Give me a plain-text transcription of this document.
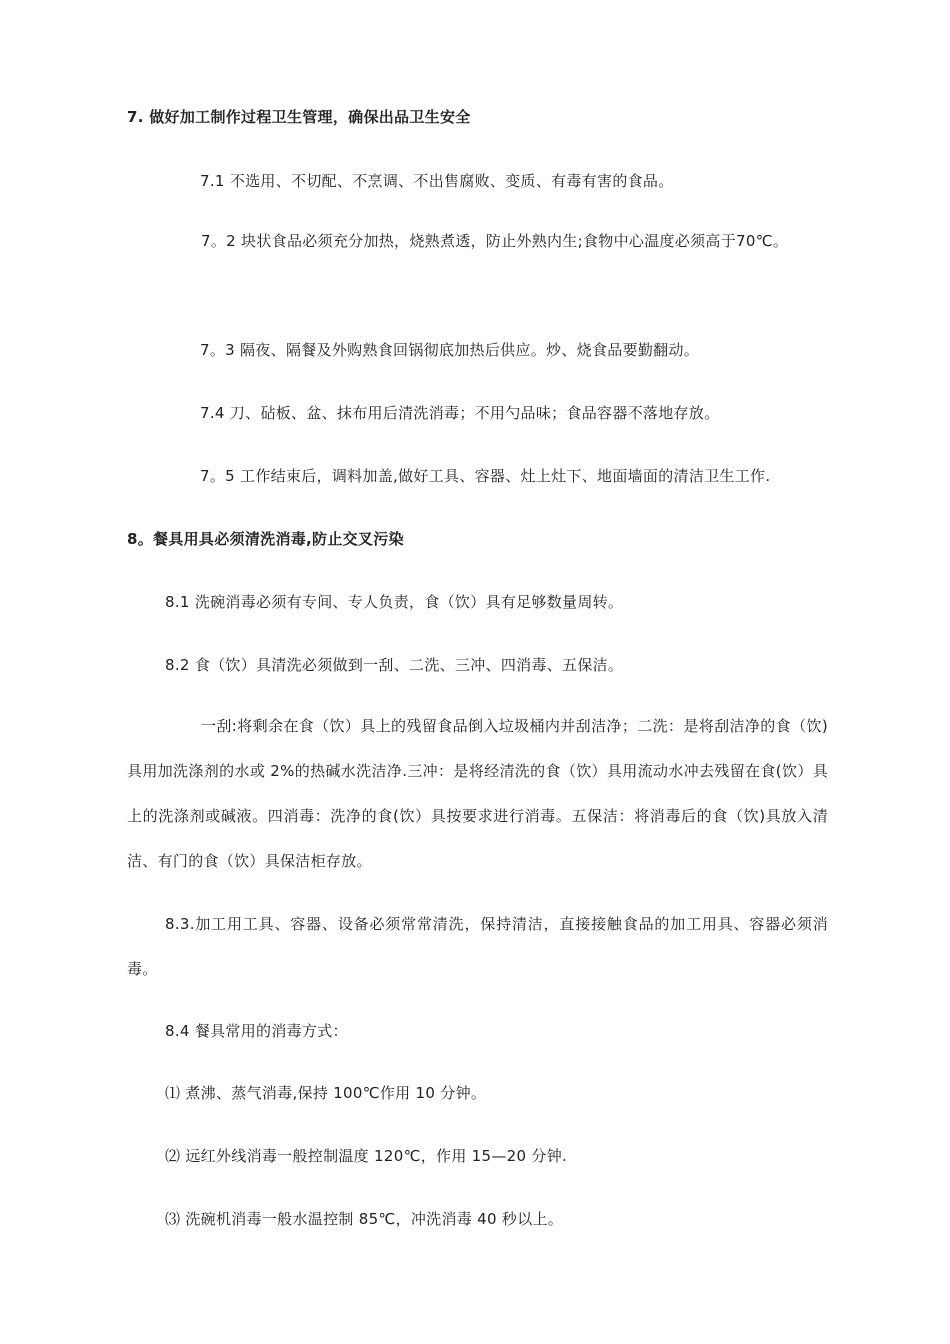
7. 做好加工制作过程卫生管理，确保出品卫生安全
7.1 不选用、不切配、不烹调、不出售腐败、变质、有毒有害的食品。
7。2 块状食品必须充分加热，烧熟煮透，防止外熟内生;食物中心温度必须高于70℃。
7。3 隔夜、隔餐及外购熟食回锅彻底加热后供应。炒、烧食品要勤翻动。
7.4 刀、砧板、盆、抹布用后清洗消毒；不用勺品味；食品容器不落地存放。
7。5 工作结束后，调料加盖,做好工具、容器、灶上灶下、地面墙面的清洁卫生工作.
8。餐具用具必须清洗消毒,防止交叉污染
8.1 洗碗消毒必须有专间、专人负责，食（饮）具有足够数量周转。
8.2 食（饮）具清洗必须做到一刮、二洗、三冲、四消毒、五保洁。
一刮:将剩余在食（饮）具上的残留食品倒入垃圾桶内并刮洁净；二洗：是将刮洁净的食（饮)具用加洗涤剂的水或 2%的热碱水洗洁净.三冲：是将经清洗的食（饮）具用流动水冲去残留在食(饮）具上的洗涤剂或碱液。四消毒：洗净的食(饮）具按要求进行消毒。五保洁：将消毒后的食（饮)具放入清洁、有门的食（饮）具保洁柜存放。
8.3.加工用工具、容器、设备必须常常清洗，保持清洁，直接接触食品的加工用具、容器必须消毒。
8.4 餐具常用的消毒方式：
⑴ 煮沸、蒸气消毒,保持 100℃作用 10 分钟。
⑵ 远红外线消毒一般控制温度 120℃，作用 15—20 分钟.
⑶ 洗碗机消毒一般水温控制 85℃，冲洗消毒 40 秒以上。
